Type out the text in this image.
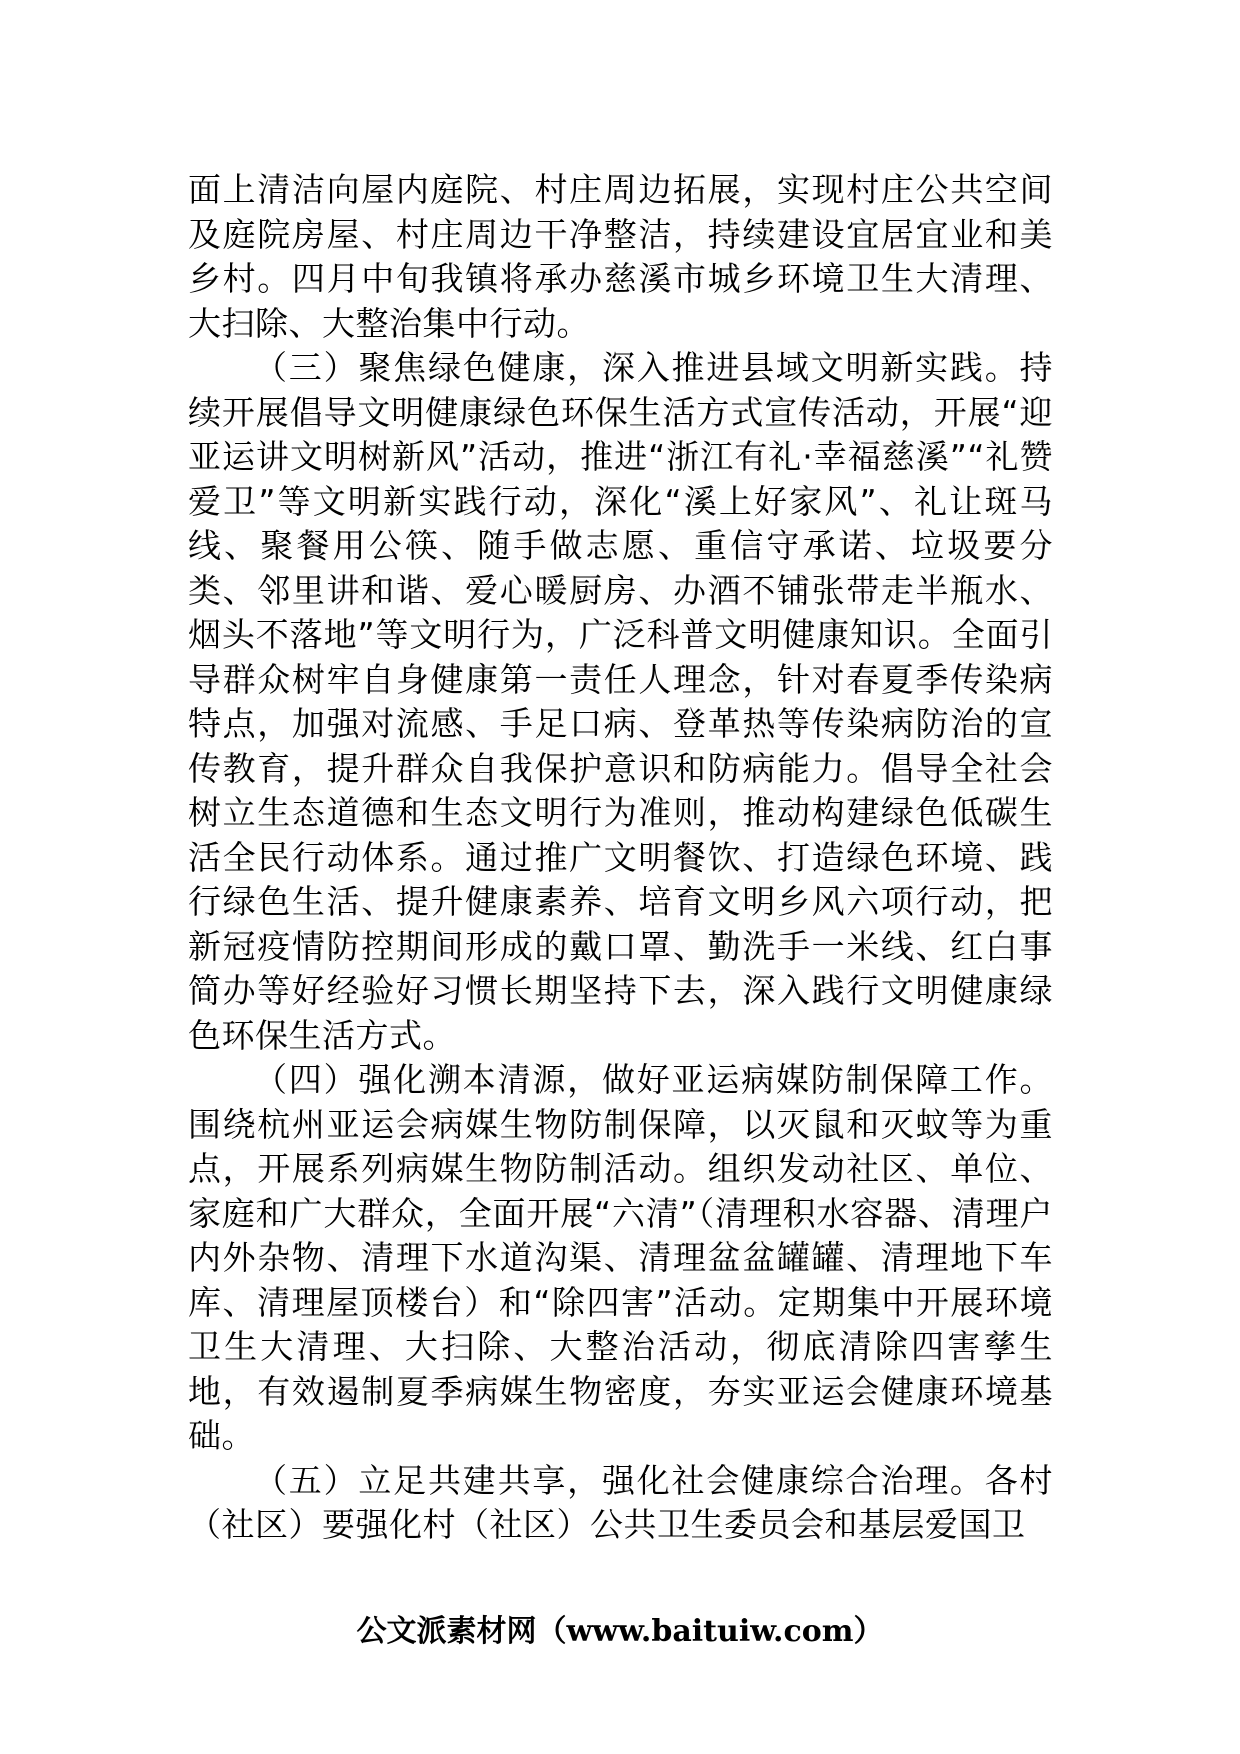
面上清洁向屋内庭院、村庄周边拓展，实现村庄公共空间及庭院房屋、村庄周边干净整洁，持续建设宜居宜业和美乡村。四月中旬我镇将承办慈溪市城乡环境卫生大清理、大扫除、大整治集中行动。

（三）聚焦绿色健康，深入推进县域文明新实践。持续开展倡导文明健康绿色环保生活方式宣传活动，开展“迎亚运讲文明树新风”活动，推进“浙江有礼·幸福慈溪”“礼赞爱卫”等文明新实践行动，深化“溪上好家风”、礼让斑马线、聚餐用公筷、随手做志愿、重信守承诺、垃圾要分类、邻里讲和谐、爱心暖厨房、办酒不铺张带走半瓶水、烟头不落地”等文明行为，广泛科普文明健康知识。全面引导群众树牢自身健康第一责任人理念，针对春夏季传染病特点，加强对流感、手足口病、登革热等传染病防治的宣传教育，提升群众自我保护意识和防病能力。倡导全社会树立生态道德和生态文明行为准则，推动构建绿色低碳生活全民行动体系。通过推广文明餐饮、打造绿色环境、践行绿色生活、提升健康素养、培育文明乡风六项行动，把新冠疫情防控期间形成的戴口罩、勤洗手一米线、红白事简办等好经验好习惯长期坚持下去，深入践行文明健康绿色环保生活方式。

（四）强化溯本清源，做好亚运病媒防制保障工作。围绕杭州亚运会病媒生物防制保障，以灭鼠和灭蚊等为重点，开展系列病媒生物防制活动。组织发动社区、单位、家庭和广大群众，全面开展“六清”（清理积水容器、清理户内外杂物、清理下水道沟渠、清理盆盆罐罐、清理地下车库、清理屋顶楼台）和“除四害”活动。定期集中开展环境卫生大清理、大扫除、大整治活动，彻底清除四害孳生地，有效遏制夏季病媒生物密度，夯实亚运会健康环境基础。

（五）立足共建共享，强化社会健康综合治理。各村（社区）要强化村（社区）公共卫生委员会和基层爱国卫

公文派素材网（www.baituiw.com）
